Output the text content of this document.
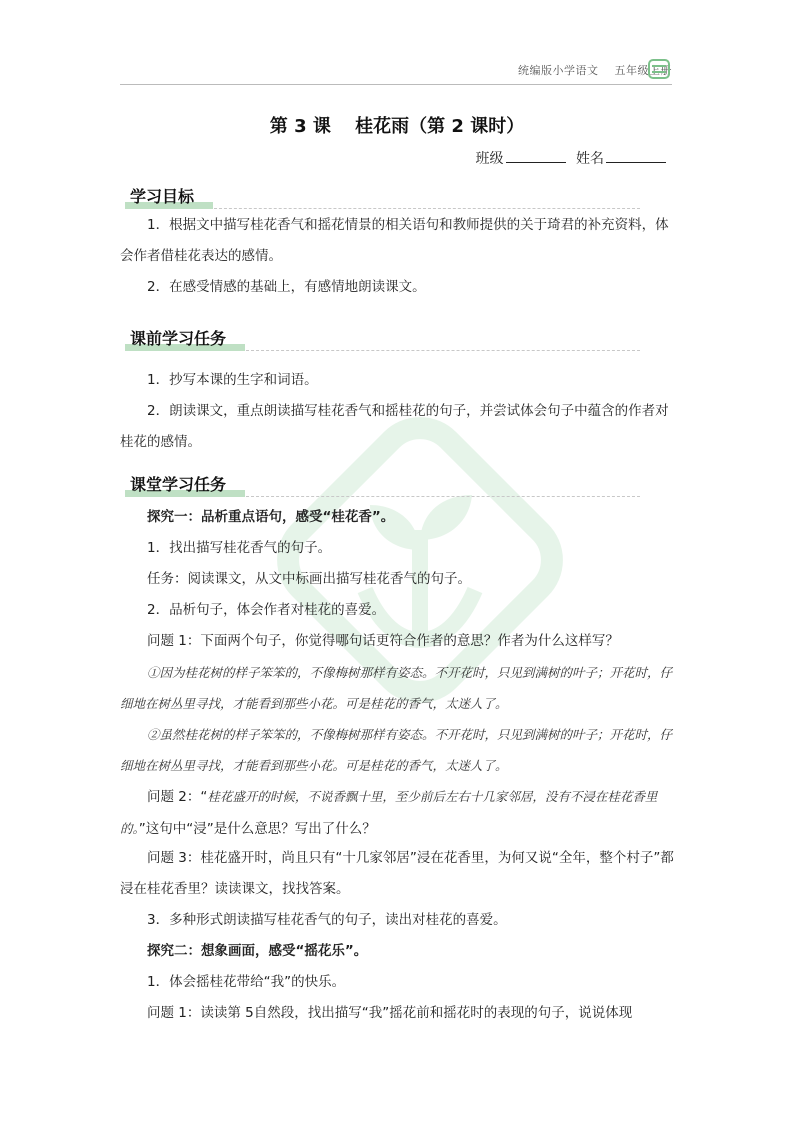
统编版小学语文 五年级上册
第 3 课 桂花雨（第 2 课时）
班级	姓名
学习目标
1．根据文中描写桂花香气和摇花情景的相关语句和教师提供的关于琦君的补充资料，体会作者借桂花表达的感情。
2．在感受情感的基础上，有感情地朗读课文。
课前学习任务
1．抄写本课的生字和词语。
2．朗读课文，重点朗读描写桂花香气和摇桂花的句子，并尝试体会句子中蕴含的作者对桂花的感情。
课堂学习任务
探究一：品析重点语句，感受“桂花香”。
1．找出描写桂花香气的句子。
任务：阅读课文，从文中标画出描写桂花香气的句子。
2．品析句子，体会作者对桂花的喜爱。
问题 1：下面两个句子，你觉得哪句话更符合作者的意思？作者为什么这样写？
①因为桂花树的样子笨笨的，不像梅树那样有姿态。不开花时，只见到满树的叶子；开花时，仔细地在树丛里寻找，才能看到那些小花。可是桂花的香气，太迷人了。
②虽然桂花树的样子笨笨的，不像梅树那样有姿态。不开花时，只见到满树的叶子；开花时，仔细地在树丛里寻找，才能看到那些小花。可是桂花的香气，太迷人了。
问题 2：“桂花盛开的时候，不说香飘十里，至少前后左右十几家邻居，没有不浸在桂花香里的。”这句中“浸”是什么意思？写出了什么？
问题 3：桂花盛开时，尚且只有“十几家邻居”浸在花香里，为何又说“全年，整个村子”都浸在桂花香里？读读课文，找找答案。
3．多种形式朗读描写桂花香气的句子，读出对桂花的喜爱。
探究二：想象画面，感受“摇花乐”。
1．体会摇桂花带给“我”的快乐。
问题 1：读读第 5自然段，找出描写“我”摇花前和摇花时的表现的句子，说说体现
